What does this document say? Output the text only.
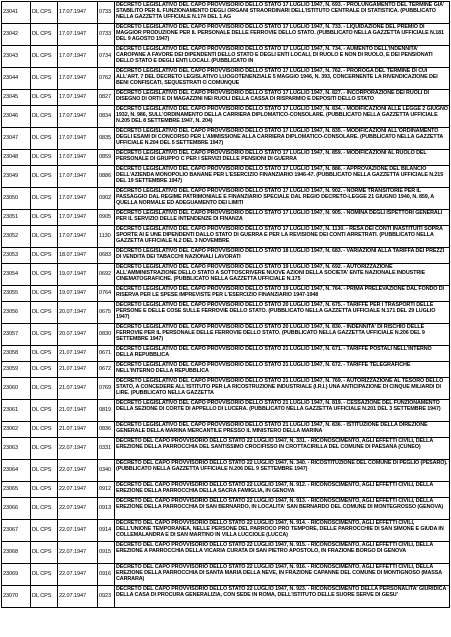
23041	DL CPS	17.07.1947	0733	DECRETO LEGISLATIVO DEL CAPO PROVVISORIO DELLO STATO 17 LUGLIO 1947, N. 693. - PROLUNGAMENTO DEL TERMINE GIA' STABILITO PER IL FUNZIONAMENTO DEGLI ORGANI STRAORDINARI DELL'ISTITUTO CENTRALE DI STATISTICA. (PUBBLICATO NELLA GAZZETTA UFFICIALE N.174 DEL 1 AG
23042	DL CPS	17.07.1947	0733	DECRETO LEGISLATIVO DEL CAPO PROVVISORIO DELLO STATO 17 LUGLIO 1947, N. 733. - LIQUIDAZIONE DEL PREMIO DI MAGGIOR PRODUZIONE PER IL PERSONALE DELLE FERROVIE DELLO STATO. (PUBBLICATO NELLA GAZZETTA UFFICIALE N.181 DEL 9 AGOSTO 1947)
23043	DL CPS	17.07.1947	0734	DECRETO LEGISLATIVO DEL CAPO PROVVISORIO DELLO STATO 17 LUGLIO 1947, N. 734. - AUMENTO DELL'INDENNITA' CAROPANE A FAVORE DEI DIPENDENTI DELLO STATO E DEGLI ENTI LOCALI, DI RUOLO E NON DI RUOLO, E DEI PENSIONATI DELLO STATO E DEGLI ENTI LOCALI. (PUBBLICATO IN
23044	DL CPS	17.07.1947	0762	DECRETO LEGISLATIVO DEL CAPO PROVVISORIO DELLO STATO 17 LUGLIO 1947, N. 762. - PROROGA DEL TERMINE DI CUI ALL'ART. 7 DEL DECRETO LEGISLATIVO LUOGOTENENZIALE 5 MAGGIO 1946, N. 393, CONCERNENTE LA RIVENDICAZIONE DEI BENI CONFISCATI, SEQUESTRATI O COMUNQUE
23045	DL CPS	17.07.1947	0827	DECRETO LEGISLATIVO DEL CAPO PROVVISORIO DELLO STATO 17 LUGLIO 1947, N. 827. - INCORPORAZIONE DEI RUOLI DI DISEGNO DI ORTI E DI MAGAZZINI NEI RUOLI DELLA CASSA DI RISPARMIO E DEPOSITI DELLO STATO
23046	DL CPS	17.07.1947	0834	DECRETO LEGISLATIVO DEL CAPO PROVVISORIO DELLO STATO 17 LUGLIO 1947, N. 834. - MODIFICAZIONI ALLE LEGGE 2 GIUGNO 1932, N. 986, SULL'ORDINAMENTO DELLA CARRIERA DIPLOMATICO-CONSOLARE. (PUBBLICATO NELLA GAZZETTA UFFICIALE N.205 DEL 8 SETTEMBRE 1947, N. 204)
23047	DL CPS	17.07.1947	0835	DECRETO LEGISLATIVO DEL CAPO PROVVISORIO DELLO STATO 17 LUGLIO 1947, N. 835. - MODIFICAZIONI ALL'ORDINAMENTO DEGLI ESAMI DI CONCORSO PER L'AMMISSIONE ALLA CARRIERA DIPLOMATICO-CONSOLARE. (PUBBLICATO NELLA GAZZETTA UFFICIALE N.204 DEL 5 SETTEMBRE 1947)
23048	DL CPS	17.07.1947	0859	DECRETO LEGISLATIVO DEL CAPO PROVVISORIO DELLO STATO 17 LUGLIO 1947, N. 859. - MODIFICAZIONI AL RUOLO DEL PERSONALE DI GRUPPO C PER I SERVIZI DELLE PENSIONI DI GUERRA
23049	DL CPS	17.07.1947	0886	DECRETO LEGISLATIVO DEL CAPO PROVVISORIO DELLO STATO 17 LUGLIO 1947, N. 886. - APPROVAZIONE DEL BILANCIO DELL'AZIENDA MONOPOLIO BANANE PER L'ESERCIZIO FINANZIARIO 1946-47. (PUBBLICATO NELLA GAZZETTA UFFICIALE N.215 DEL 19 SETTEMBRE 1947)
23050	DL CPS	17.07.1947	0902	DECRETO LEGISLATIVO DEL CAPO PROVVISORIO DELLO STATO 17 LUGLIO 1947, N. 902. - NORME TRANSITORIE PER IL PASSAGGIO DAL REGIME PATRIMONIALE E FINANZIARIO SPECIALE DAL REGIO DECRETO-LEGGE 21 GIUGNO 1940, N. 859, A QUELLA NORMALE ED ADEGUAMENTO DEI LIMITI
23051	DL CPS	17.07.1947	0905	DECRETO LEGISLATIVO DEL CAPO PROVVISORIO DELLO STATO 17 LUGLIO 1947, N. 905. - NOMINA DEGLI ISPETTORI GENERALI PER IL SERVIZIO DELLE INTENDENZE DI FINANZA
23052	DL CPS	17.07.1947	1130	DECRETO LEGISLATIVO DEL CAPO PROVVISORIO DELLO STATO 17 LUGLIO 1947, N. 1130. - RESA DEI CONTI INASTITUITI SOPRA SPORTE AI E UNE DIPENDENTI DALLO STATO DI GUERRA E PER LA REVISIONE DEI CONTI ARRETRATI. (PUBBLICATO NELLA GAZZETTA UFFICIALE N.2 DEL 3 NOVEMBRE
23053	DL CPS	18.07.1947	0683	DECRETO LEGISLATIVO DEL CAPO PROVVISORIO DELLO STATO 18 LUGLIO 1947, N. 683. - VARIAZIONI ALLA TARIFFA DEI PREZZI DI VENDITA DEI TABACCHI NAZIONALI LAVORATI
23054	DL CPS	19.07.1947	0692	DECRETO LEGISLATIVO DEL CAPO PROVVISORIO DELLO STATO 19 LUGLIO 1947, N. 692. - AUTORIZZAZIONE ALL'AMMINISTRAZIONE DELLO STATO A SOTTOSCRIVERE NUOVE AZIONI DELLA SOCIETA' ENTE NAZIONALE INDUSTRIE CINEMATOGRAFICHE. (PUBBLICATO NELLA GAZZETTA UFFICIALE N.175
23055	DL CPS	19.07.1947	0764	DECRETO LEGISLATIVO DEL CAPO PROVVISORIO DELLO STATO 19 LUGLIO 1947, N. 764. - PRIMA PRELEVAZIONE DAL FONDO DI RISERVA PER LE SPESE IMPREVISTE PER L'ESERCIZIO FINANZIARIO 1947-1948
23056	DL CPS	20.07.1947	0675	DECRETO LEGISLATIVO DEL CAPO PROVVISORIO DELLO STATO 20 LUGLIO 1947, N. 675. - TARIFFE PER I TRASPORTI DELLE PERSONE E DELLE COSE SULLE FERROVIE DELLO STATO. (PUBBLICATO NELLA GAZZETTA UFFICIALE N.171 DEL 29 LUGLIO 1947)
23057	DL CPS	20.07.1947	0830	DECRETO LEGISLATIVO DEL CAPO PROVVISORIO DELLO STATO 20 LUGLIO 1947, N. 830. - INDENNITA' DI RISCHIO DELLE FERROVIE PER IL PERSONALE DELLE FERROVIE DELLO STATO. (PUBBLICATO NELLA GAZZETTA UFFICIALE N.206 DEL 9 SETTEMBRE 1947)
23058	DL CPS	21.07.1947	0671	DECRETO LEGISLATIVO DEL CAPO PROVVISORIO DELLO STATO 21 LUGLIO 1947, N. 671. - TARIFFE POSTALI NELL'INTERNO DELLA REPUBBLICA
23059	DL CPS	21.07.1947	0672	DECRETO LEGISLATIVO DEL CAPO PROVVISORIO DELLO STATO 21 LUGLIO 1947, N. 672. - TARIFFE TELEGRAFICHE NELL'INTERNO DELLA REPUBBLICA
23060	DL CPS	21.07.1947	0769	DECRETO LEGISLATIVO DEL CAPO PROVVISORIO DELLO STATO 21 LUGLIO 1947, N. 769. - AUTORIZZAZIONE AL TESORO DELLO STATO, A CONCEDERE ALL'ISTITUTO PER LA RICOSTRUZIONE INDUSTRIALE (I.R.I.) UNA ANTICIPAZIONE DI CINQUE MILIARDI DI LIRE. (PUBBLICATO NELLA GAZZETTA
23061	DL CPS	21.07.1947	0819	DECRETO LEGISLATIVO DEL CAPO PROVVISORIO DELLO STATO 21 LUGLIO 1947, N. 819. - CESSAZIONE DEL FUNZIONAMENTO DELLA SEZIONE DI CORTE DI APPELLO DI LUCERA. (PUBBLICATO NELLA GAZZETTA UFFICIALE N.201 DEL 3 SETTEMBRE 1947)
23062	DL CPS	21.07.1947	0836	DECRETO LEGISLATIVO DEL CAPO PROVVISORIO DELLO STATO 21 LUGLIO 1947, N. 836. - ISTITUZIONE DELLA DIREZIONE GENERALE DELLA MARINA MERCANTILE PRESSO IL MINISTERO DELLA MARINA
23063	DL CPS	22.07.1947	0331	DECRETO DEL CAPO PROVVISORIO DELLO STATO 22 LUGLIO 1947, N. 331. - RICONOSCIMENTO, AGLI EFFETTI CIVILI, DELLA EREZIONE DELLA PARROCCHIA DEL SANTISSIMO CROCIFISSO IN CROTTACIRILLA DEL COMUNE DI PAESANA (CUNEO)
23064	DL CPS	22.07.1947	0340	DECRETO DEL CAPO PROVVISORIO DELLO STATO 22 LUGLIO 1947, N. 340. - RICOSTITUZIONE DEL COMUNE DI PEGLIO (PESARO). (PUBBLICATO NELLA GAZZETTA UFFICIALE N.206 DEL 9 SETTEMBRE 1947)
23065	DL CPS	22.07.1947	0912	DECRETO DEL CAPO PROVVISORIO DELLO STATO 22 LUGLIO 1947, N. 912. - RICONOSCIMENTO, AGLI EFFETTI CIVILI, DELLA EREZIONE DELLA PARROCCHIA DELLA SACRA FAMIGLIA, IN GENOVA
23066	DL CPS	22.07.1947	0913	DECRETO DEL CAPO PROVVISORIO DELLO STATO 22 LUGLIO 1947, N. 913. - RICONOSCIMENTO, AGLI EFFETTI CIVILI, DELLA EREZIONE DELLA PARROCCHIA DI SAN BERNARDO, IN LOCALITA' SAN BERNARDO DEL COMUNE DI MONTEGROSSO (GENOVA)
23067	DL CPS	22.07.1947	0914	DECRETO DEL CAPO PROVVISORIO DELLO STATO 22 LUGLIO 1947, N. 914. - RICONOSCIMENTO, AGLI EFFETTI CIVILI, DELL'UNIONE TEMPORANEA, NELLE PERSONE DEL PARROCO PRO TEMPORE, DELLE PARROCCHIE DI SAN SIMONE E GIUDA IN COLLEMALANDRA E DI SAN MARTINO IN VILLA LUCCIOLE (LUCCA)
23068	DL CPS	22.07.1947	0915	DECRETO DEL CAPO PROVVISORIO DELLO STATO 22 LUGLIO 1947, N. 915. - RICONOSCIMENTO, AGLI EFFETTI CIVILI, DELLA EREZIONE A PARROCCHIA DELLA VICARIA CURATA DI SAN PIETRO APOSTOLO, IN FRAZIONE BORGO DI GENOVA
23069	DL CPS	22.07.1947	0916	DECRETO DEL CAPO PROVVISORIO DELLO STATO 22 LUGLIO 1947, N. 916. - RICONOSCIMENTO, AGLI EFFETTI CIVILI, DELLA EREZIONE DELLA PARROCCHIA DI SANTA MARIA DELLA NEVE, IN FRAZIONE CAPANNE DEL COMUNE DI MONTIGNOSO (MASSA CARRARA)
23070	DL CPS	22.07.1947	0923	DECRETO DEL CAPO PROVVISORIO DELLO STATO 22 LUGLIO 1947, N. 923. - RICONOSCIMENTO DELLA PERSONALITA' GIURIDICA DELLA CASA DI PROCURA GENERALIZIA, CON SEDE IN ROMA, DELL'ISTITUTO DELLE SUORE SERVE DI GESU'
